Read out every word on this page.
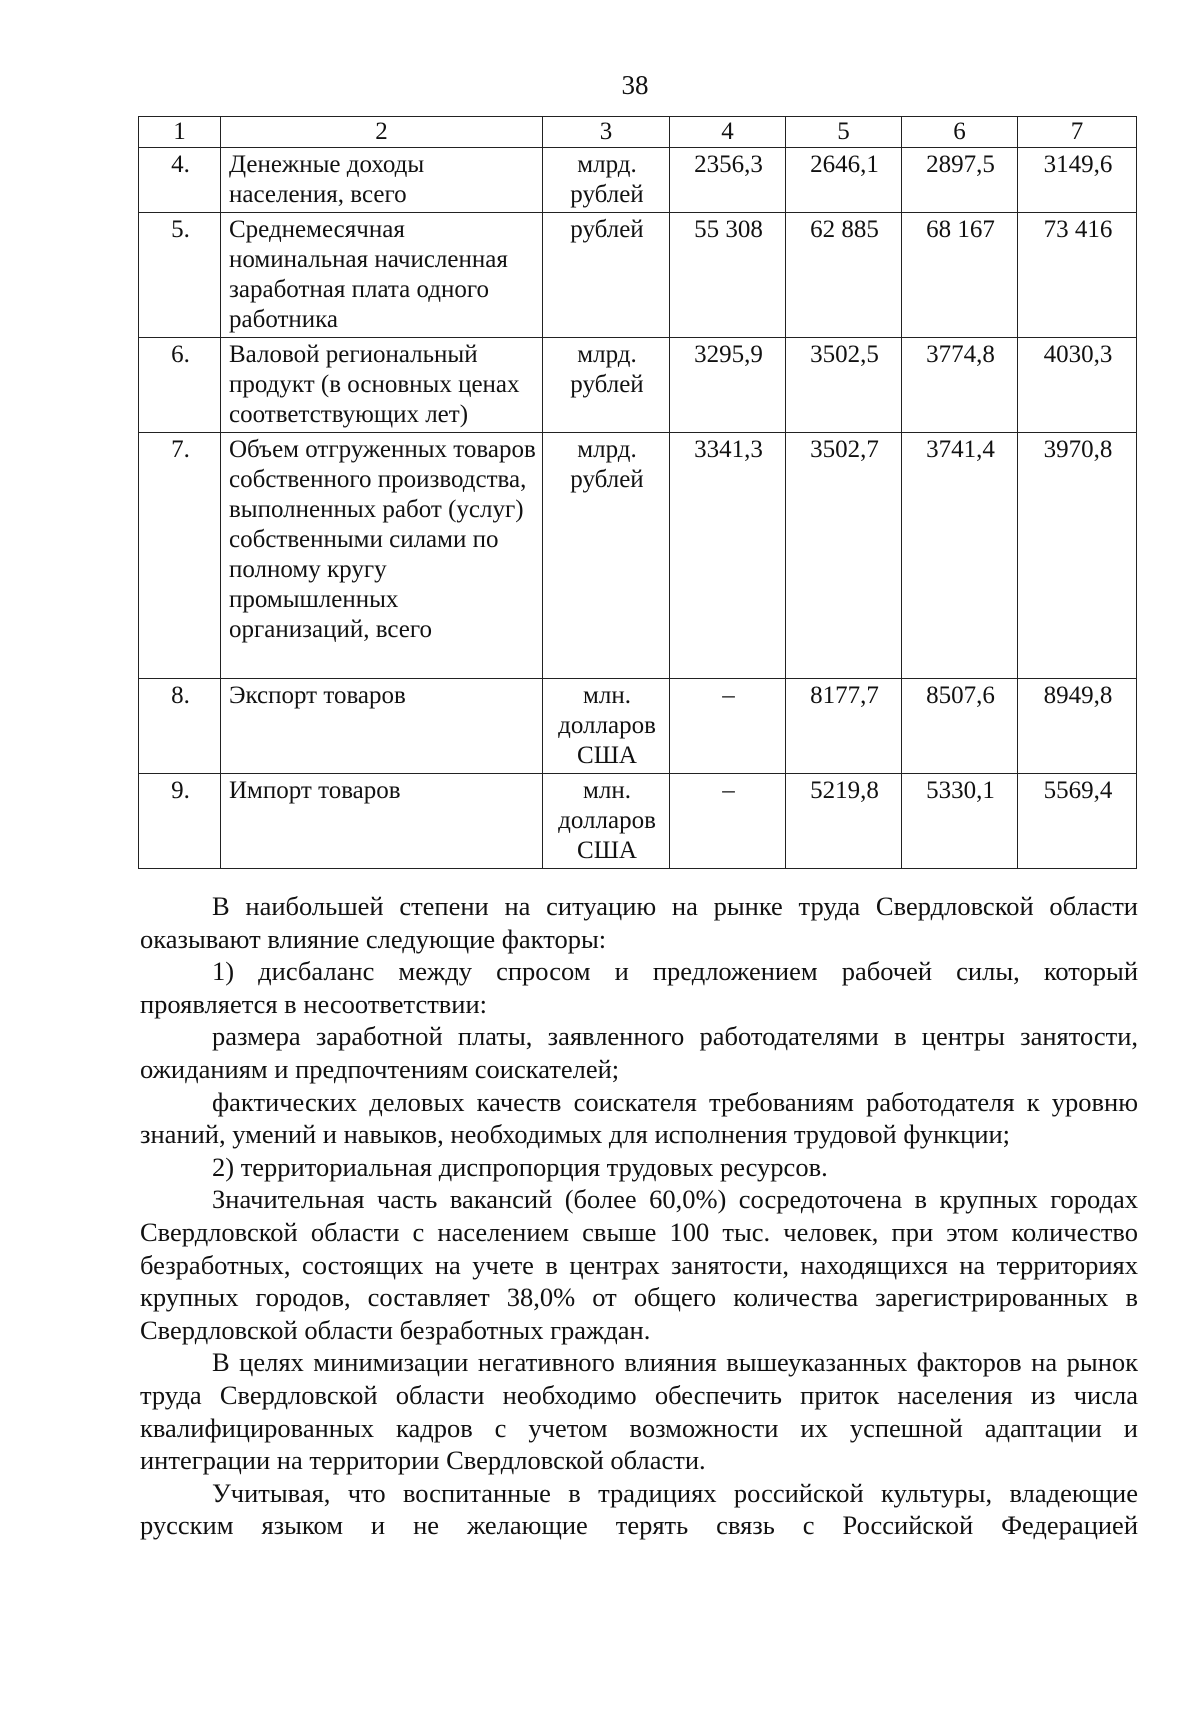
38
1	2	3	4	5	6	7
4.	Денежные доходы населения, всего	млрд. рублей	2356,3	2646,1	2897,5	3149,6
5.	Среднемесячная номинальная начисленная заработная плата одного работника	рублей	55 308	62 885	68 167	73 416
6.	Валовой региональный продукт (в основных ценах соответствующих лет)	млрд. рублей	3295,9	3502,5	3774,8	4030,3
7.	Объем отгруженных товаров собственного производства, выполненных работ (услуг) собственными силами по полному кругу промышленных организаций, всего	млрд. рублей	3341,3	3502,7	3741,4	3970,8
8.	Экспорт товаров	млн. долларов США	–	8177,7	8507,6	8949,8
9.	Импорт товаров	млн. долларов США	–	5219,8	5330,1	5569,4

В наибольшей степени на ситуацию на рынке труда Свердловской области оказывают влияние следующие факторы:

1) дисбаланс между спросом и предложением рабочей силы, который проявляется в несоответствии:

размера заработной платы, заявленного работодателями в центры занятости, ожиданиям и предпочтениям соискателей;

фактических деловых качеств соискателя требованиям работодателя к уровню знаний, умений и навыков, необходимых для исполнения трудовой функции;

2) территориальная диспропорция трудовых ресурсов.

Значительная часть вакансий (более 60,0%) сосредоточена в крупных городах Свердловской области с населением свыше 100 тыс. человек, при этом количество безработных, состоящих на учете в центрах занятости, находящихся на территориях крупных городов, составляет 38,0% от общего количества зарегистрированных в Свердловской области безработных граждан.

В целях минимизации негативного влияния вышеуказанных факторов на рынок труда Свердловской области необходимо обеспечить приток населения из числа квалифицированных кадров с учетом возможности их успешной адаптации и интеграции на территории Свердловской области.

Учитывая, что воспитанные в традициях российской культуры, владеющие русским языком и не желающие терять связь с Российской Федерацией
